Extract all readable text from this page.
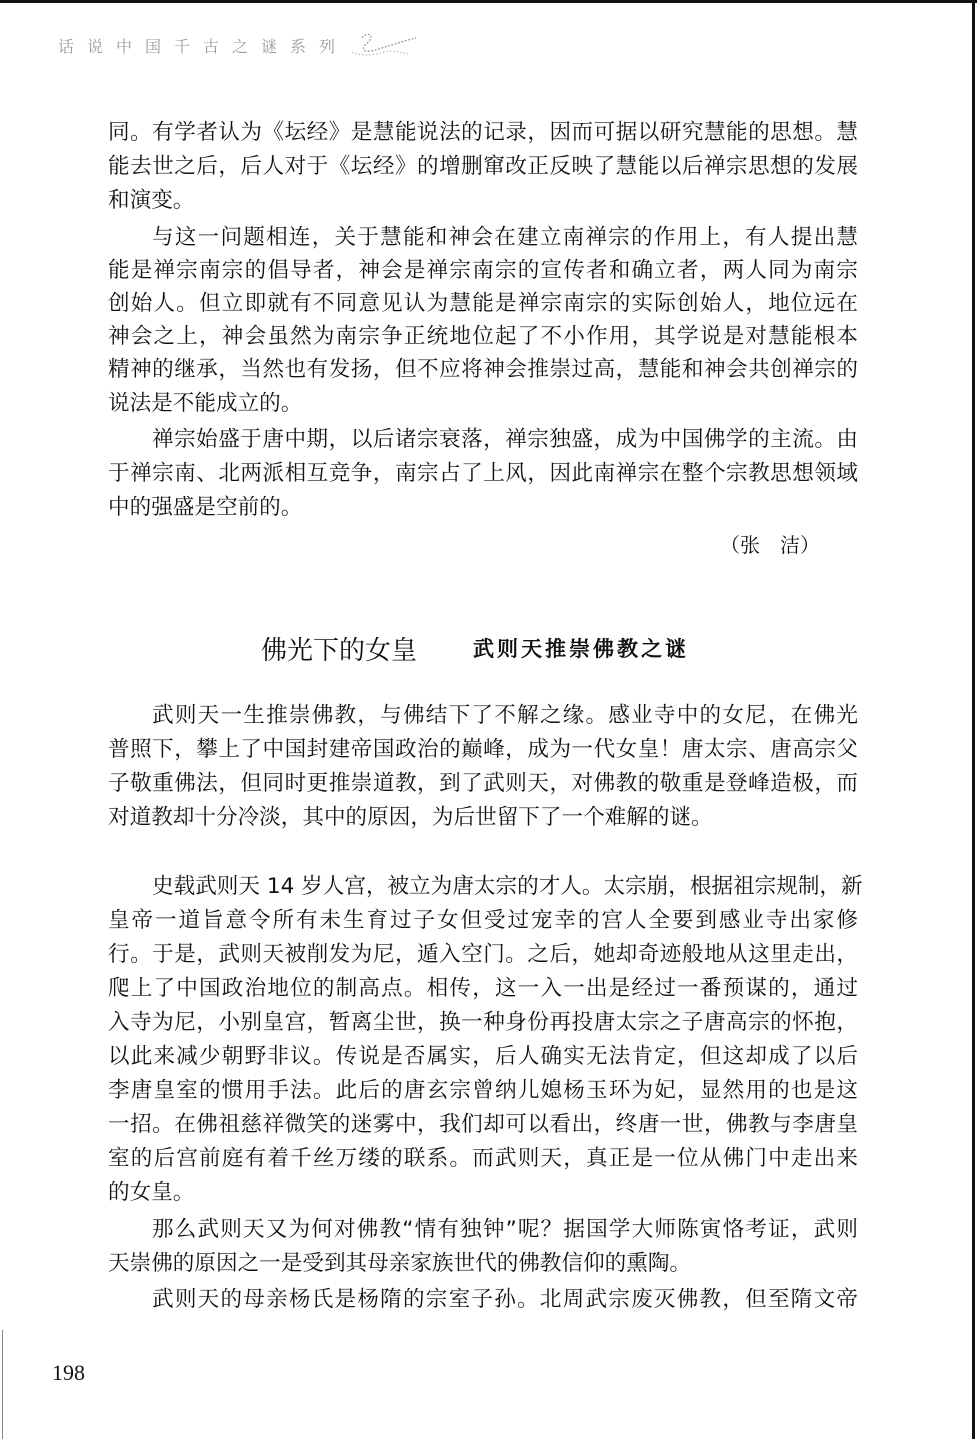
话说中国千古之谜系列
同。有学者认为《坛经》是慧能说法的记录，因而可据以研究慧能的思想。慧
能去世之后，后人对于《坛经》的增删窜改正反映了慧能以后禅宗思想的发展
和演变。
与这一问题相连，关于慧能和神会在建立南禅宗的作用上，有人提出慧
能是禅宗南宗的倡导者，神会是禅宗南宗的宣传者和确立者，两人同为南宗
创始人。但立即就有不同意见认为慧能是禅宗南宗的实际创始人，地位远在
神会之上，神会虽然为南宗争正统地位起了不小作用，其学说是对慧能根本
精神的继承，当然也有发扬，但不应将神会推崇过高，慧能和神会共创禅宗的
说法是不能成立的。
禅宗始盛于唐中期，以后诸宗衰落，禅宗独盛，成为中国佛学的主流。由
于禅宗南、北两派相互竞争，南宗占了上风，因此南禅宗在整个宗教思想领域
中的强盛是空前的。
（张　洁）
佛光下的女皇	武则天推崇佛教之谜
武则天一生推崇佛教，与佛结下了不解之缘。感业寺中的女尼，在佛光
普照下，攀上了中国封建帝国政治的巅峰，成为一代女皇！唐太宗、唐高宗父
子敬重佛法，但同时更推崇道教，到了武则天，对佛教的敬重是登峰造极，而
对道教却十分冷淡，其中的原因，为后世留下了一个难解的谜。
史载武则天 14 岁人宫，被立为唐太宗的才人。太宗崩，根据祖宗规制，新
皇帝一道旨意令所有未生育过子女但受过宠幸的宫人全要到感业寺出家修
行。于是，武则天被削发为尼，遁入空门。之后，她却奇迹般地从这里走出，
爬上了中国政治地位的制高点。相传，这一入一出是经过一番预谋的，通过
入寺为尼，小别皇宫，暂离尘世，换一种身份再投唐太宗之子唐高宗的怀抱，
以此来减少朝野非议。传说是否属实，后人确实无法肯定，但这却成了以后
李唐皇室的惯用手法。此后的唐玄宗曾纳儿媳杨玉环为妃，显然用的也是这
一招。在佛祖慈祥微笑的迷雾中，我们却可以看出，终唐一世，佛教与李唐皇
室的后宫前庭有着千丝万缕的联系。而武则天，真正是一位从佛门中走出来
的女皇。
那么武则天又为何对佛教“情有独钟”呢？据国学大师陈寅恪考证，武则
天崇佛的原因之一是受到其母亲家族世代的佛教信仰的熏陶。
武则天的母亲杨氏是杨隋的宗室子孙。北周武宗废灭佛教，但至隋文帝
198
